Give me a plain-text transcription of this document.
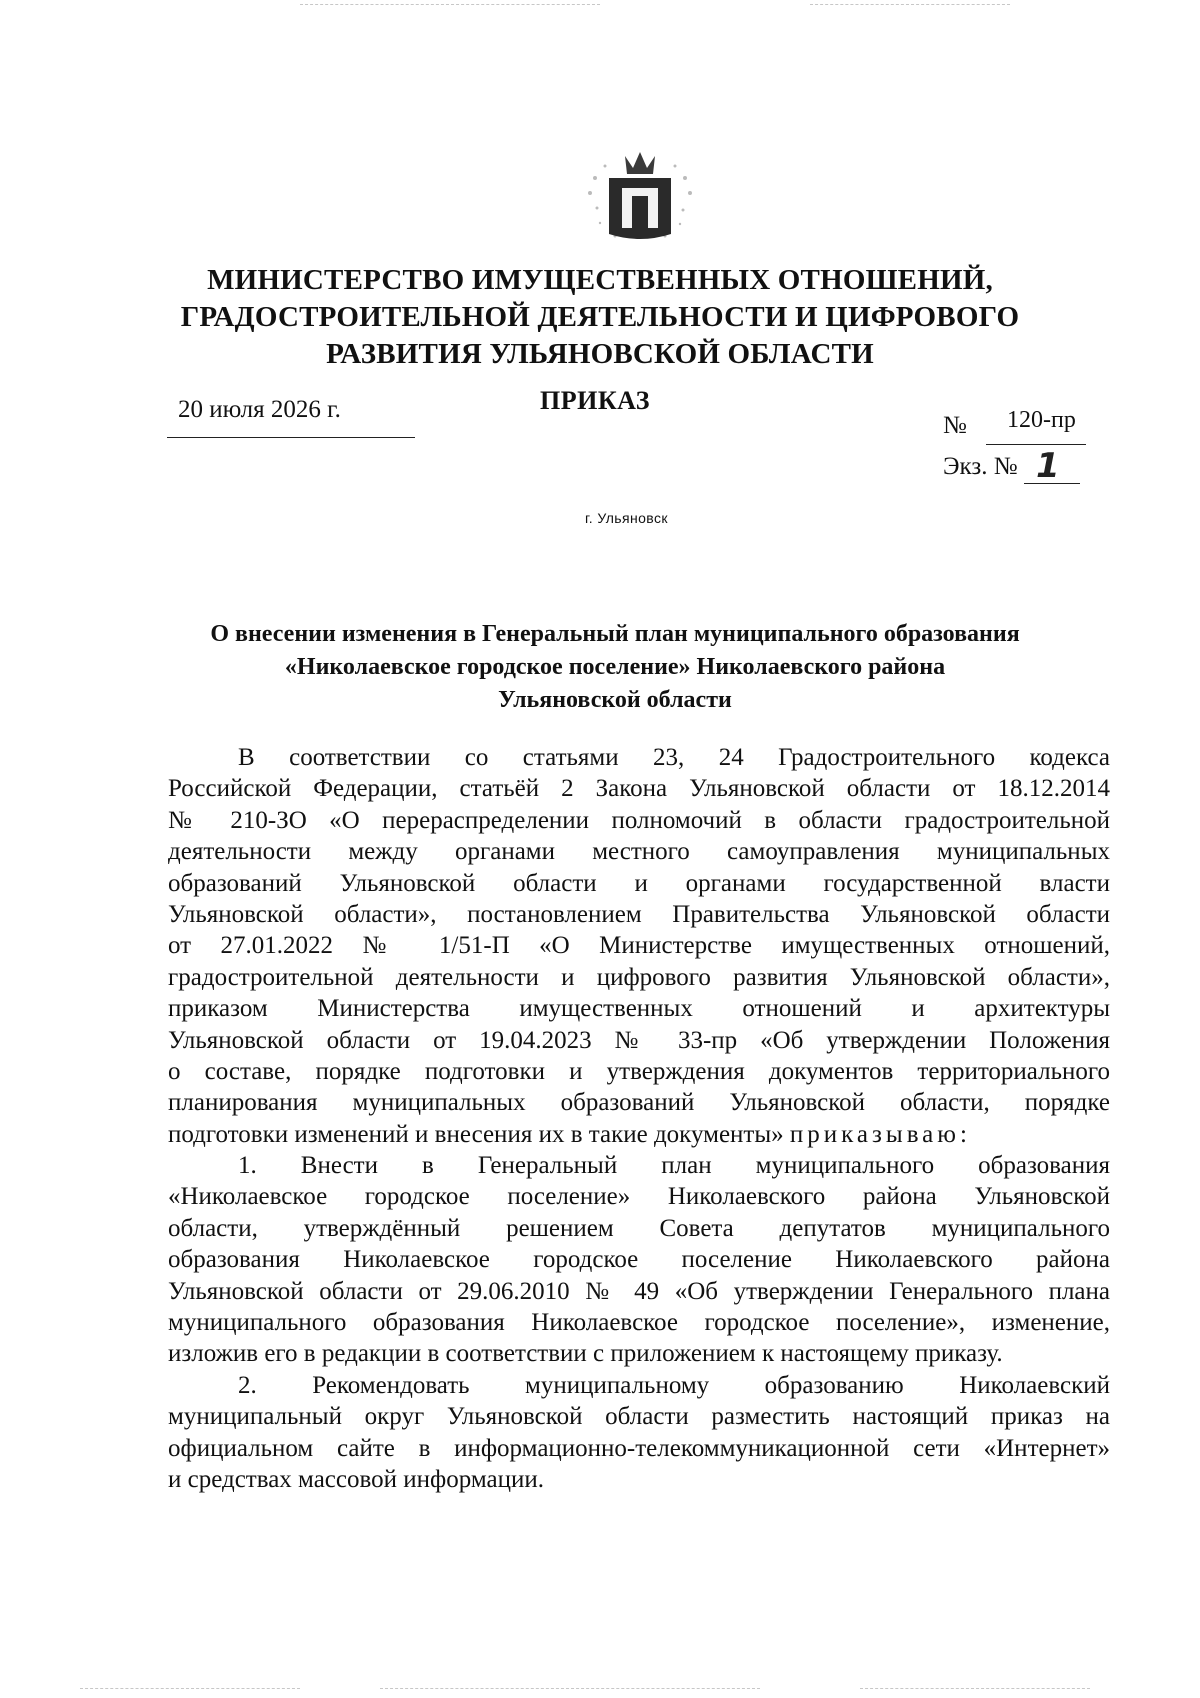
МИНИСТЕРСТВО ИМУЩЕСТВЕННЫХ ОТНОШЕНИЙ,
ГРАДОСТРОИТЕЛЬНОЙ ДЕЯТЕЛЬНОСТИ И ЦИФРОВОГО
РАЗВИТИЯ УЛЬЯНОВСКОЙ ОБЛАСТИ
20 июля 2026 г.	ПРИКАЗ
№ 120-пр
Экз. № 1
г. Ульяновск
О внесении изменения в Генеральный план муниципального образования
«Николаевское городское поселение» Николаевского района
Ульяновской области
В соответствии со статьями 23, 24 Градостроительного кодекса
Российской Федерации, статьёй 2 Закона Ульяновской области от 18.12.2014
№ 210-ЗО «О перераспределении полномочий в области градостроительной
деятельности между органами местного самоуправления муниципальных
образований Ульяновской области и органами государственной власти
Ульяновской области», постановлением Правительства Ульяновской области
от 27.01.2022 № 1/51-П «О Министерстве имущественных отношений,
градостроительной деятельности и цифрового развития Ульяновской области»,
приказом Министерства имущественных отношений и архитектуры
Ульяновской области от 19.04.2023 № 33-пр «Об утверждении Положения
о составе, порядке подготовки и утверждения документов территориального
планирования муниципальных образований Ульяновской области, порядке
подготовки изменений и внесения их в такие документы» приказываю:
1. Внести в Генеральный план муниципального образования
«Николаевское городское поселение» Николаевского района Ульяновской
области, утверждённый решением Совета депутатов муниципального
образования Николаевское городское поселение Николаевского района
Ульяновской области от 29.06.2010 № 49 «Об утверждении Генерального плана
муниципального образования Николаевское городское поселение», изменение,
изложив его в редакции в соответствии с приложением к настоящему приказу.
2. Рекомендовать муниципальному образованию Николаевский
муниципальный округ Ульяновской области разместить настоящий приказ на
официальном сайте в информационно-телекоммуникационной сети «Интернет»
и средствах массовой информации.
